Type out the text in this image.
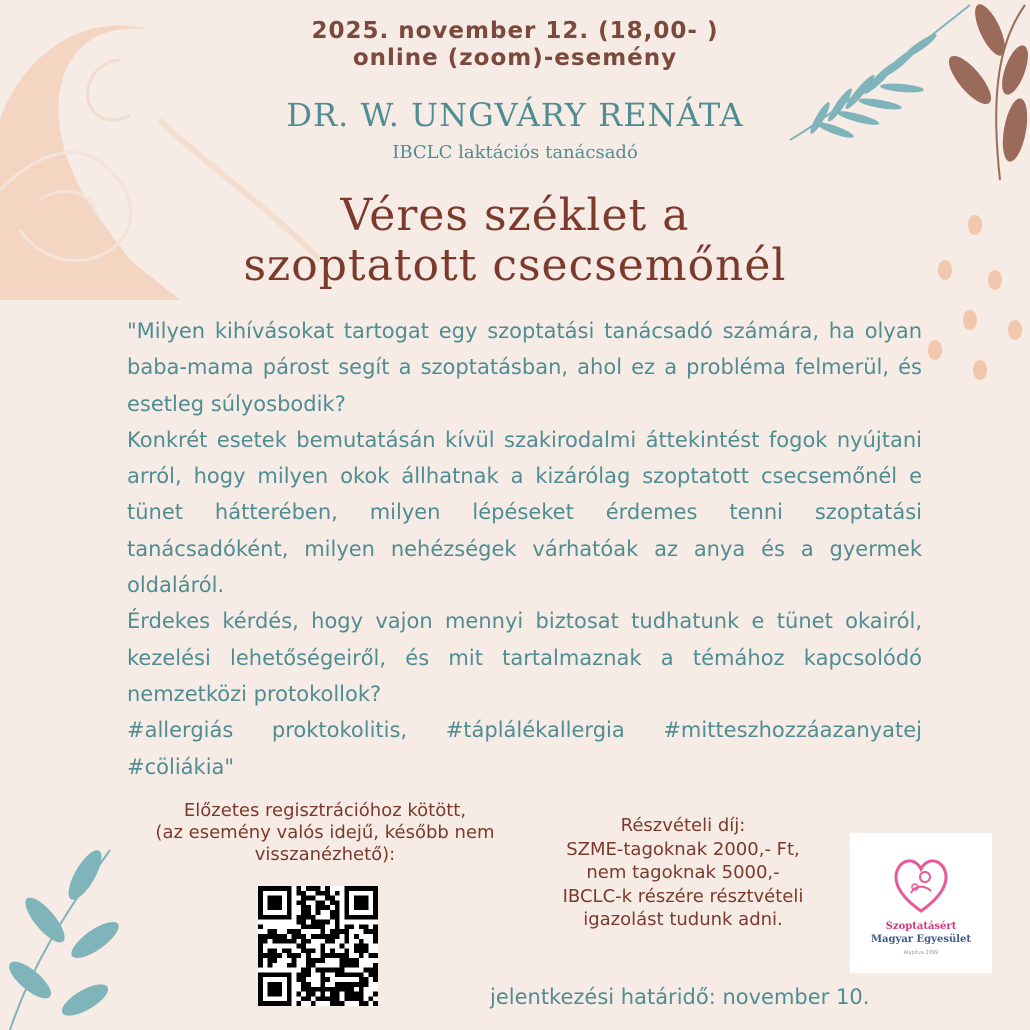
2025. november 12. (18,00- )
online (zoom)-esemény
DR. W. UNGVÁRY RENÁTA
IBCLC laktációs tanácsadó
Véres széklet a
szoptatott csecsemőnél

"Milyen kihívásokat tartogat egy szoptatási tanácsadó számára, ha olyan baba-mama párost segít a szoptatásban, ahol ez a probléma felmerül, és esetleg súlyosbodik?

Konkrét esetek bemutatásán kívül szakirodalmi áttekintést fogok nyújtani arról, hogy milyen okok állhatnak a kizárólag szoptatott csecsemőnél e tünet hátterében, milyen lépéseket érdemes tenni szoptatási tanácsadóként, milyen nehézségek várhatóak az anya és a gyermek oldaláról.

Érdekes kérdés, hogy vajon mennyi biztosat tudhatunk e tünet okairól, kezelési lehetőségeiről, és mit tartalmaznak a témához kapcsolódó nemzetközi protokollok?

#allergiás proktokolitis, #táplálékallergia #mitteszhozzáazanyatej #cöliákia"

Előzetes regisztrációhoz kötött,
(az esemény valós idejű, később nem
visszanézhető):
Részvételi díj:
SZME-tagoknak 2000,- Ft,
nem tagoknak 5000,-
IBCLC-k részére résztvételi
igazolást tudunk adni.	Szoptatásért
Magyar Egyesület
Alapítva 1999
jelentkezési határidő: november 10.
